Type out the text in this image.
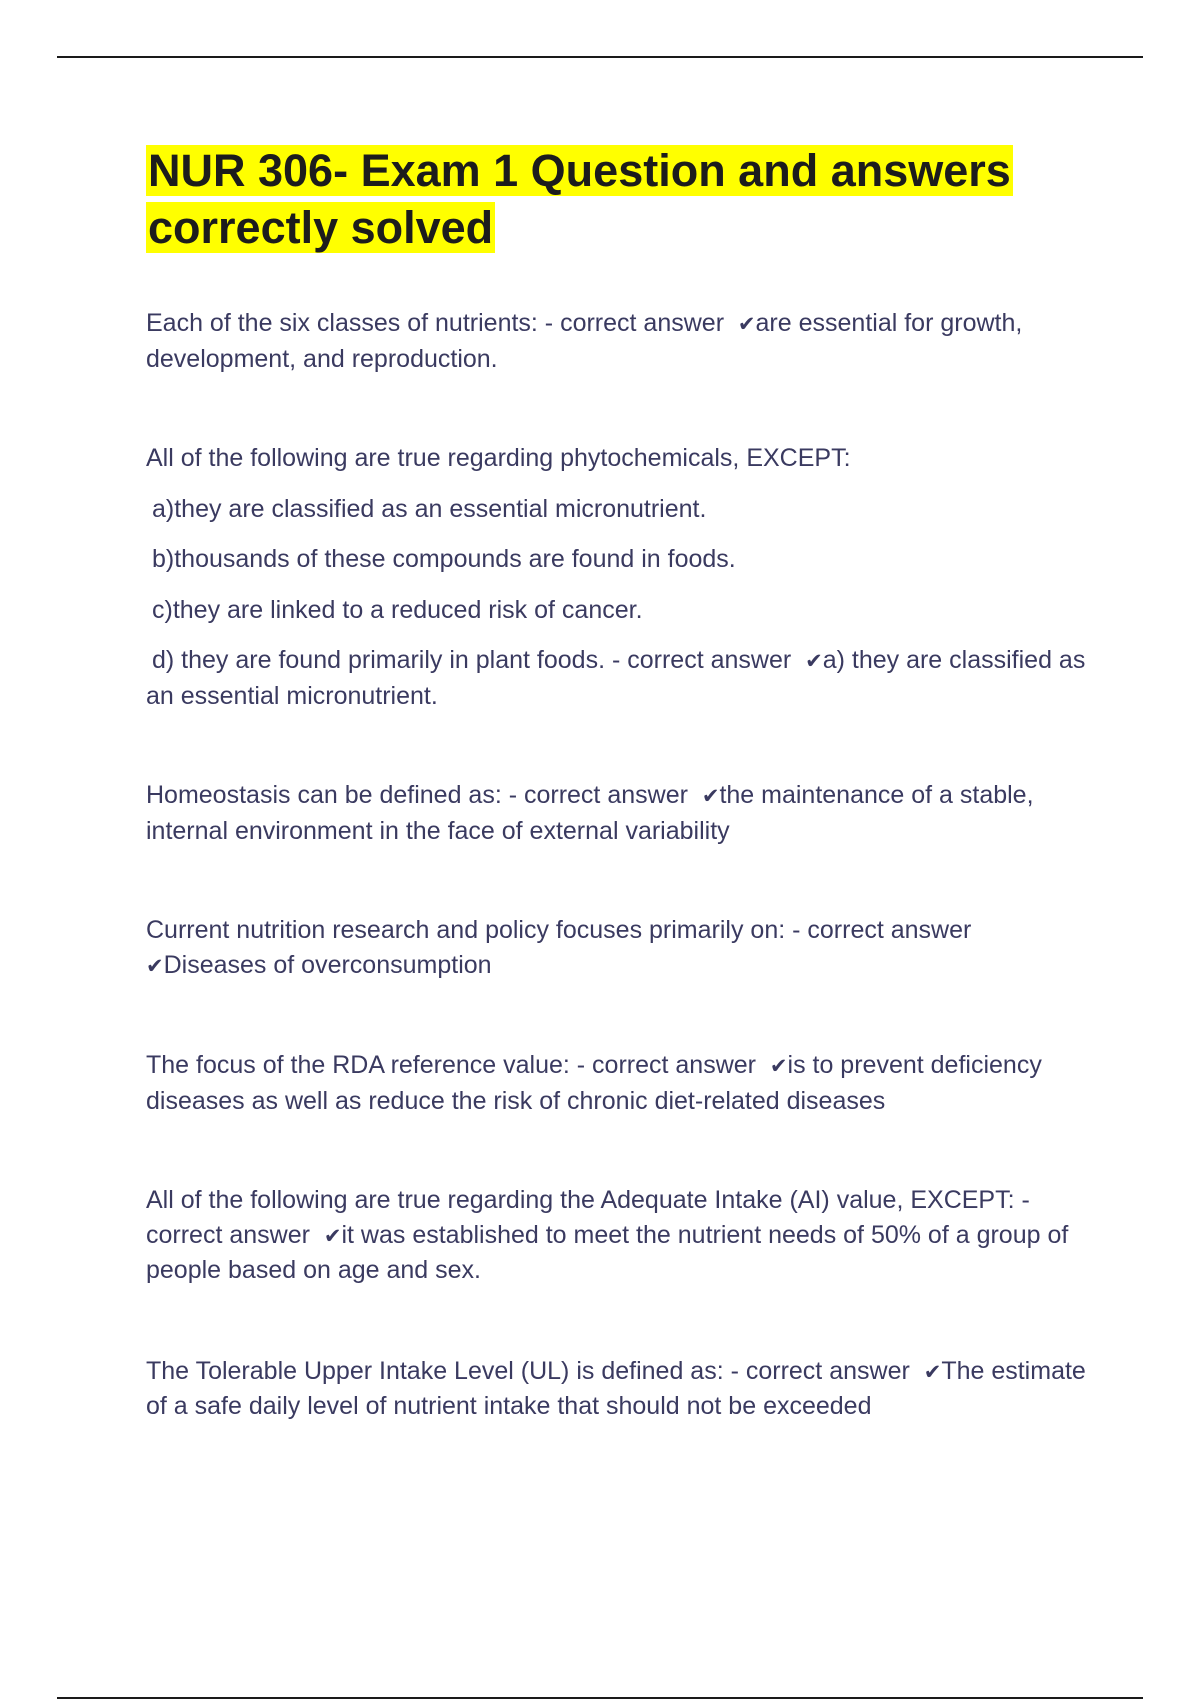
NUR 306- Exam 1 Question and answers
correctly solved

Each of the six classes of nutrients: - correct answer ✔are essential for growth, development, and reproduction.

All of the following are true regarding phytochemicals, EXCEPT:

a)they are classified as an essential micronutrient.

b)thousands of these compounds are found in foods.

c)they are linked to a reduced risk of cancer.

d) they are found primarily in plant foods. - correct answer ✔a) they are classified as an essential micronutrient.

Homeostasis can be defined as: - correct answer ✔the maintenance of a stable, internal environment in the face of external variability

Current nutrition research and policy focuses primarily on: - correct answer ✔Diseases of overconsumption

The focus of the RDA reference value: - correct answer ✔is to prevent deficiency diseases as well as reduce the risk of chronic diet-related diseases

All of the following are true regarding the Adequate Intake (AI) value, EXCEPT: - correct answer ✔it was established to meet the nutrient needs of 50% of a group of people based on age and sex.

The Tolerable Upper Intake Level (UL) is defined as: - correct answer ✔The estimate of a safe daily level of nutrient intake that should not be exceeded
